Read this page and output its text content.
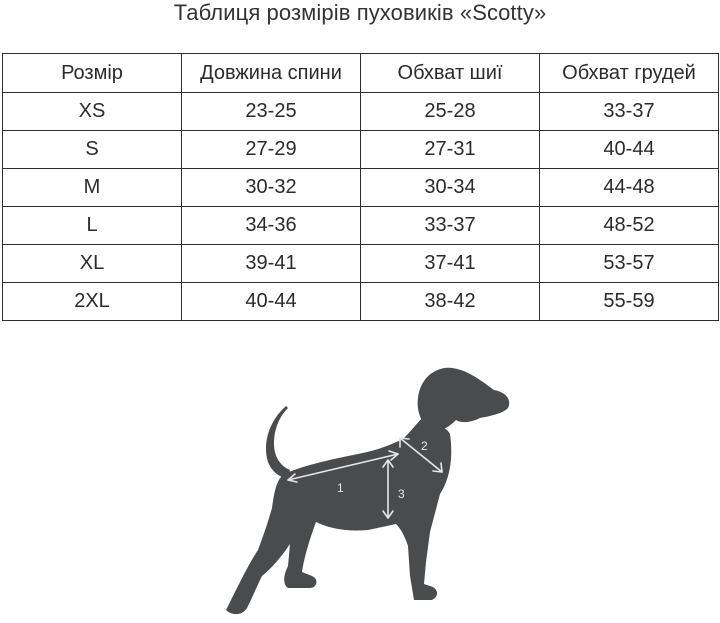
Таблиця розмірів пуховиків «Scotty»
Розмір	Довжина спини	Обхват шиї	Обхват грудей
XS	23-25	25-28	33-37
S	27-29	27-31	40-44
M	30-32	30-34	44-48
L	34-36	33-37	48-52
XL	39-41	37-41	53-57
2XL	40-44	38-42	55-59
1
2
3
